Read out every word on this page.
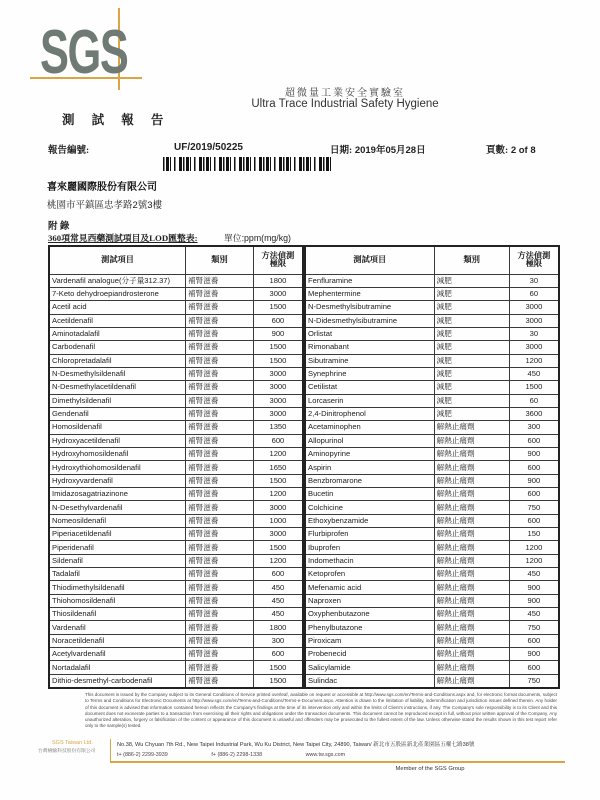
SGS
超微量工業安全實驗室
Ultra Trace Industrial Safety Hygiene
測 試 報 告
報告編號:	UF/2019/50225	日期: 2019年05月28日	頁數: 2 of 8
喜來麗國際股份有限公司
桃園市平鎮區忠孝路2號3樓
附 錄
360項常見西藥測試項目及LOD匯整表:	單位:ppm(mg/kg)
測試項目	類別	方法偵測
極限

Vardenafil analogue(分子量312.37)	補腎滋養	1800
7-Keto dehydroepiandrosterone	補腎滋養	3000
Acetil acid	補腎滋養	1500
Acetildenafil	補腎滋養	600
Aminotadalafil	補腎滋養	900
Carbodenafil	補腎滋養	1500
Chloropretadalafil	補腎滋養	1500
N-Desmethylsildenafil	補腎滋養	3000
N-Desmethylacetildenafil	補腎滋養	3000
Dimethylsildenafil	補腎滋養	3000
Gendenafil	補腎滋養	3000
Homosildenafil	補腎滋養	1350
Hydroxyacetildenafil	補腎滋養	600
Hydroxyhomosildenafil	補腎滋養	1200
Hydroxythiohomosildenafil	補腎滋養	1650
Hydroxyvardenafil	補腎滋養	1500
Imidazosagatriazinone	補腎滋養	1200
N-Desethylvardenafil	補腎滋養	3000
Nomeosildenafil	補腎滋養	1000
Piperiacetildenafil	補腎滋養	3000
Piperidenafil	補腎滋養	1500
Sildenafil	補腎滋養	1200
Tadalafil	補腎滋養	600
Thiodimethylsildenafil	補腎滋養	450
Thiohomosildenafil	補腎滋養	450
Thiosildenafil	補腎滋養	450
Vardenafil	補腎滋養	1800
Noracetildenafil	補腎滋養	300
Acetylvardenafil	補腎滋養	600
Nortadalafil	補腎滋養	1500
Dithio-desmethyl-carbodenafil	補腎滋養	1500
測試項目	類別	方法偵測
極限

Fenfluramine	減肥	30
Mephentermine	減肥	60
N-Desmethylsibutramine	減肥	3000
N-Didesmethylsibutramine	減肥	3000
Orlistat	減肥	30
Rimonabant	減肥	3000
Sibutramine	減肥	1200
Synephrine	減肥	450
Cetilistat	減肥	1500
Lorcaserin	減肥	60
2,4-Dinitrophenol	減肥	3600
Acetaminophen	解熱止痛劑	300
Allopurinol	解熱止痛劑	600
Aminopyrine	解熱止痛劑	900
Aspirin	解熱止痛劑	600
Benzbromarone	解熱止痛劑	900
Bucetin	解熱止痛劑	600
Colchicine	解熱止痛劑	750
Ethoxybenzamide	解熱止痛劑	600
Flurbiprofen	解熱止痛劑	150
Ibuprofen	解熱止痛劑	1200
Indomethacin	解熱止痛劑	1200
Ketoprofen	解熱止痛劑	450
Mefenamic acid	解熱止痛劑	900
Naproxen	解熱止痛劑	900
Oxyphenbutazone	解熱止痛劑	450
Phenylbutazone	解熱止痛劑	750
Piroxicam	解熱止痛劑	600
Probenecid	解熱止痛劑	900
Salicylamide	解熱止痛劑	600
Sulindac	解熱止痛劑	750
This document is issued by the Company subject to its General Conditions of Service printed overleaf, available on request or accessible at http://www.sgs.com/en/Terms-and-Conditions.aspx and, for electronic format documents, subject to Terms and Conditions for Electronic Documents at http://www.sgs.com/en/Terms-and-Conditions/Terms-e-Document.aspx. Attention is drawn to the limitation of liability, indemnification and jurisdiction issues defined therein. Any holder of this document is advised that information contained hereon reflects the Company's findings at the time of its intervention only and within the limits of Client's instructions, if any. The Company's sole responsibility is to its Client and this document does not exonerate parties to a transaction from exercising all their rights and obligations under the transaction documents. This document cannot be reproduced except in full, without prior written approval of the Company. Any unauthorized alteration, forgery or falsification of the content or appearance of this document is unlawful and offenders may be prosecuted to the fullest extent of the law. Unless otherwise stated the results shown in this test report refer only to the sample(s) tested.
SGS Taiwan Ltd.
台灣檢驗科技股份有限公司
No.38, Wu Chyuan 7th Rd., New Taipei Industrial Park, Wu Ku District, New Taipei City, 24890, Taiwan/ 新北市五股區新北產業園區五權七路38號
t+ (886-2) 2299-3939	f+ (886-2) 2298-1338	www.tw.sgs.com
Member of the SGS Group
